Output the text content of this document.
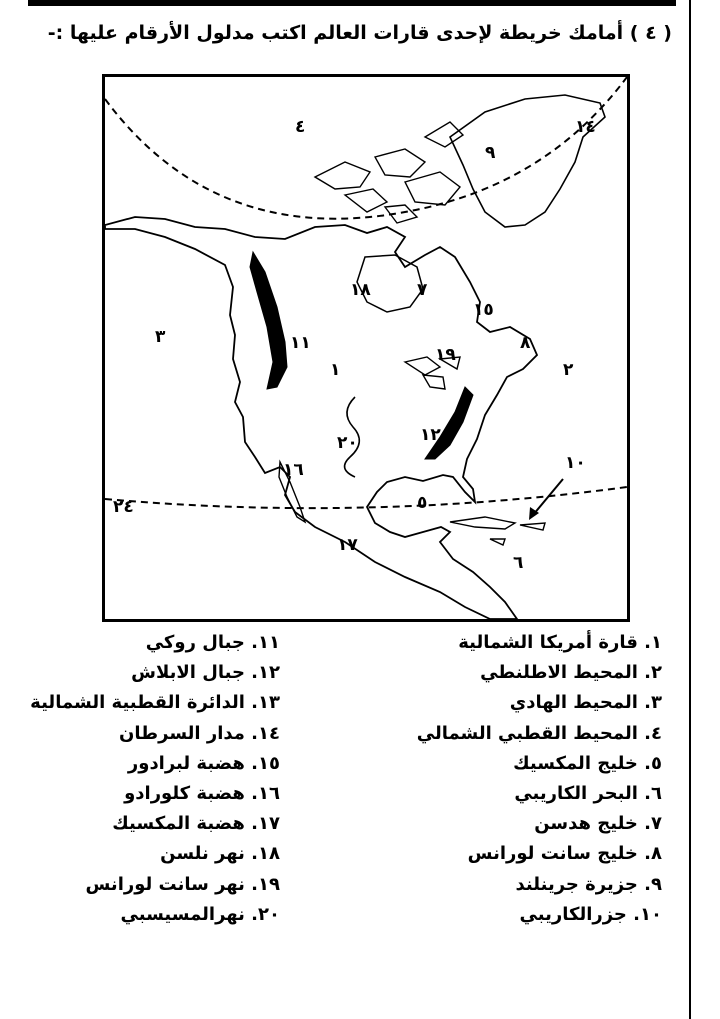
( ٤ ) أمامك خريطة لإحدى قارات العالم اكتب مدلول الأرقام عليها :-
١٤
٤
٩
٣
١٨	٧
١٥
١١
١
٨
١٩
٢
٢٠	١٢
١٠
١٦
٥
٢٤
١٧
٦
١. قارة أمريكا الشمالية
٢. المحيط الاطلنطي
٣. المحيط الهادي
٤. المحيط القطبي الشمالي
٥. خليج المكسيك
٦. البحر الكاريبي
٧. خليج هدسن
٨. خليج سانت لورانس
٩. جزيرة جرينلند
١٠. جزرالكاريبي
١١. جبال روكي
١٢. جبال الابلاش
١٣. الدائرة القطبية الشمالية
١٤. مدار السرطان
١٥. هضبة لبرادور
١٦. هضبة كلورادو
١٧. هضبة المكسيك
١٨. نهر نلسن
١٩. نهر سانت لورانس
٢٠. نهرالمسيسبي
